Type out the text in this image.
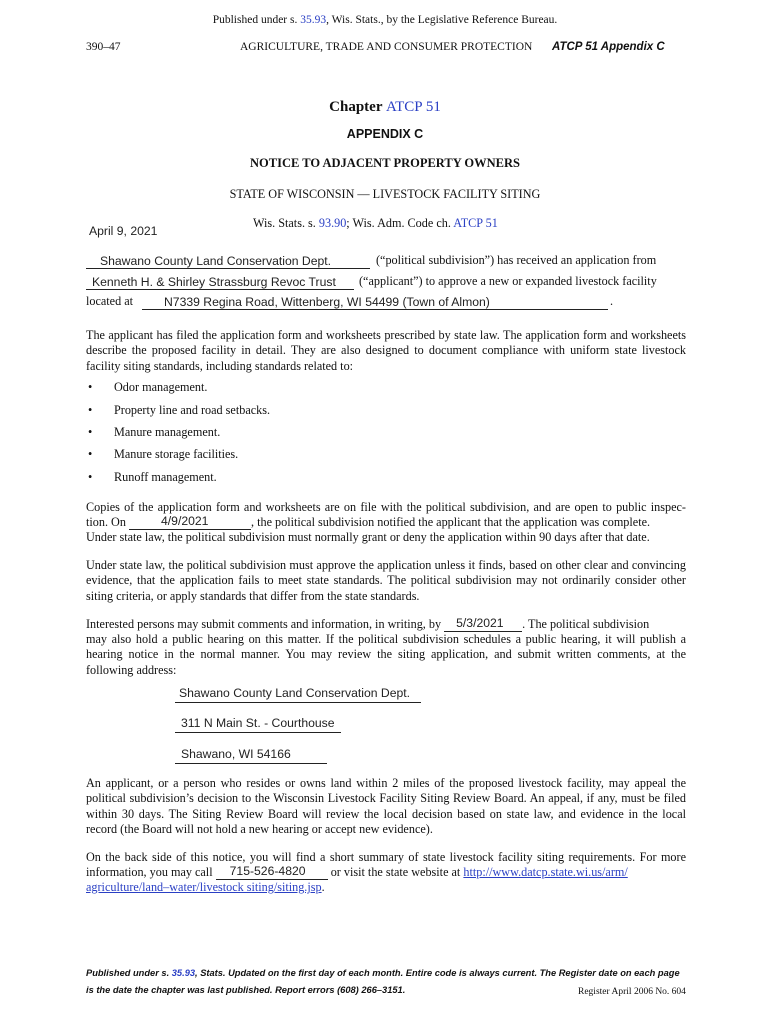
Published under s. 35.93, Wis. Stats., by the Legislative Reference Bureau.
390–47	AGRICULTURE, TRADE AND CONSUMER PROTECTION ATCP 51 Appendix C
Chapter ATCP 51
APPENDIX C
NOTICE TO ADJACENT PROPERTY OWNERS
STATE OF WISCONSIN –– LIVESTOCK FACILITY SITING
Wis. Stats. s. 93.90; Wis. Adm. Code ch. ATCP 51
April 9, 2021
Shawano County Land Conservation Dept.	(“political subdivision”) has received an application from
Kenneth H. & Shirley Strassburg Revoc Trust (“applicant”) to approve a new or expanded livestock facility
located at	N7339 Regina Road, Wittenberg, WI 54499 (Town of Almon)	.
The applicant has filed the application form and worksheets prescribed by state law. The application form and worksheets describe the proposed facility in detail. They are also designed to document compliance with uniform state livestock facility siting standards, including standards related to:
• Odor management.
• Property line and road setbacks.
• Manure management.
• Manure storage facilities.
• Runoff management.
Copies of the application form and worksheets are on file with the political subdivision, and are open to public inspec-
tion. On	4/9/2021	, the political subdivision notified the applicant that the application was complete.
Under state law, the political subdivision must normally grant or deny the application within 90 days after that date.
Under state law, the political subdivision must approve the application unless it finds, based on other clear and convincing evidence, that the application fails to meet state standards. The political subdivision may not ordinarily consider other siting criteria, or apply standards that differ from the state standards.
Interested persons may submit comments and information, in writing, by 5/3/2021 . The political subdivision
may also hold a public hearing on this matter. If the political subdivision schedules a public hearing, it will publish a hearing notice in the normal manner. You may review the siting application, and submit written comments, at the following address:
Shawano County Land Conservation Dept.
311 N Main St. - Courthouse
Shawano, WI 54166
An applicant, or a person who resides or owns land within 2 miles of the proposed livestock facility, may appeal the political subdivision’s decision to the Wisconsin Livestock Facility Siting Review Board. An appeal, if any, must be filed within 30 days. The Siting Review Board will review the local decision based on state law, and evidence in the local record (the Board will not hold a new hearing or accept new evidence).
On the back side of this notice, you will find a short summary of state livestock facility siting requirements. For more
information, you may call 715-526-4820 or visit the state website at http://www.datcp.state.wi.us/arm/
agriculture/land–water/livestock siting/siting.jsp.
Published under s. 35.93, Stats. Updated on the first day of each month. Entire code is always current. The Register date on each page
is the date the chapter was last published. Report errors (608) 266–3151.	Register April 2006 No. 604
